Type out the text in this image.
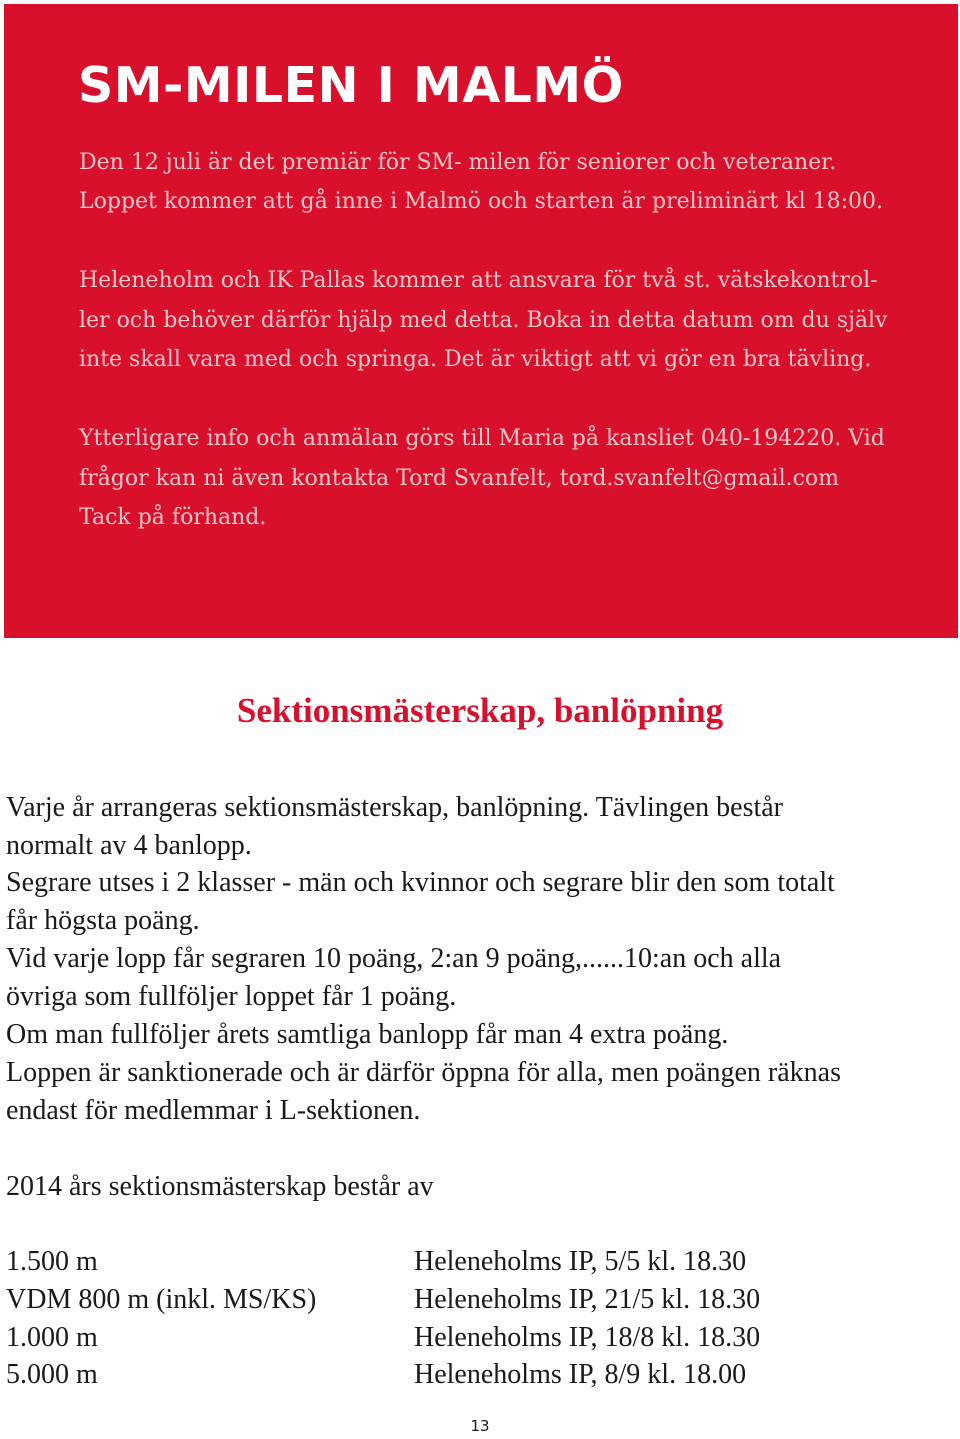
SM-MILEN I MALMÖ

Den 12 juli är det premiär för SM- milen för seniorer och veteraner.

Loppet kommer att gå inne i Malmö och starten är preliminärt kl 18:00.

Heleneholm och IK Pallas kommer att ansvara för två st. vätskekontrol-

ler och behöver därför hjälp med detta. Boka in detta datum om du själv

inte skall vara med och springa. Det är viktigt att vi gör en bra tävling.

Ytterligare info och anmälan görs till Maria på kansliet 040-194220. Vid

frågor kan ni även kontakta Tord Svanfelt, tord.svanfelt@gmail.com

Tack på förhand.

Sektionsmästerskap, banlöpning

Varje år arrangeras sektionsmästerskap, banlöpning. Tävlingen består

normalt av 4 banlopp.

Segrare utses i 2 klasser - män och kvinnor och segrare blir den som totalt

får högsta poäng.

Vid varje lopp får segraren 10 poäng, 2:an 9 poäng,......10:an och alla

övriga som fullföljer loppet får 1 poäng.

Om man fullföljer årets samtliga banlopp får man 4 extra poäng.

Loppen är sanktionerade och är därför öppna för alla, men poängen räknas

endast för medlemmar i L-sektionen.

2014 års sektionsmästerskap består av

1.500 m	Heleneholms IP, 5/5 kl. 18.30
VDM 800 m (inkl. MS/KS)	Heleneholms IP, 21/5 kl. 18.30
1.000 m	Heleneholms IP, 18/8 kl. 18.30
5.000 m	Heleneholms IP, 8/9 kl. 18.00
13
